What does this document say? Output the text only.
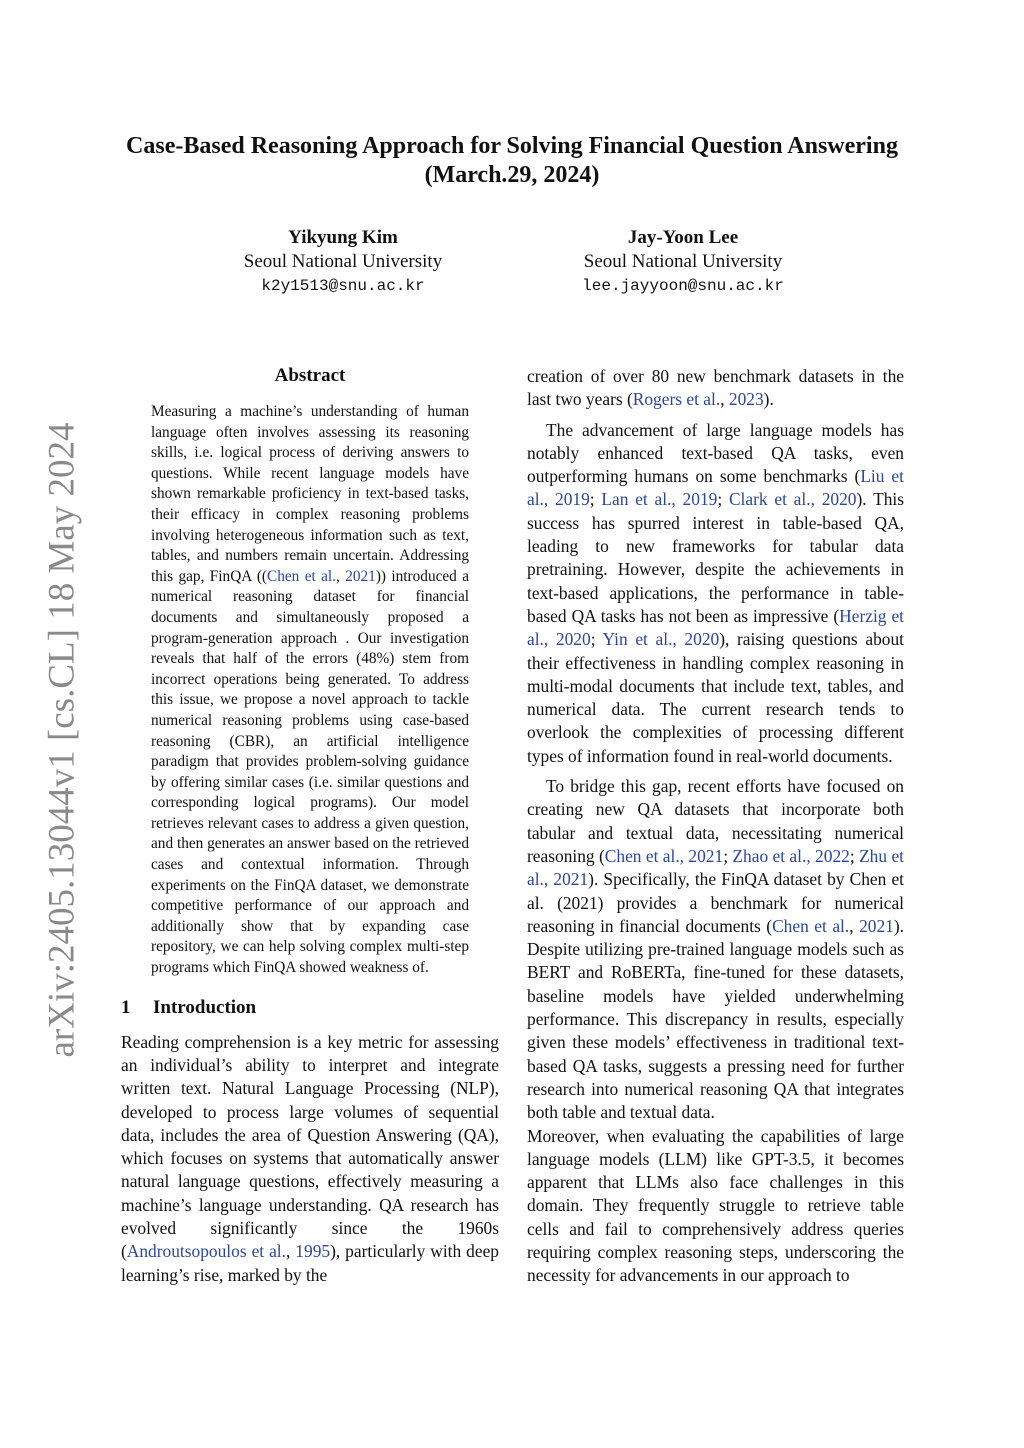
arXiv:2405.13044v1 [cs.CL] 18 May 2024
Case-Based Reasoning Approach for Solving Financial Question Answering
(March.29, 2024)
Yikyung Kim
Seoul National University
k2y1513@snu.ac.kr
Jay-Yoon Lee
Seoul National University
lee.jayyoon@snu.ac.kr
Abstract
Measuring a machine’s understanding of human language often involves assessing its reasoning skills, i.e. logical process of deriving answers to questions. While recent language models have shown remarkable proficiency in text-based tasks, their efficacy in complex reasoning problems involving heterogeneous information such as text, tables, and numbers remain uncertain. Addressing this gap, FinQA ((Chen et al., 2021)) introduced a numerical reasoning dataset for financial documents and simultaneously proposed a program-generation approach . Our investigation reveals that half of the errors (48%) stem from incorrect operations being generated. To address this issue, we propose a novel approach to tackle numerical reasoning problems using case-based reasoning (CBR), an artificial intelligence paradigm that provides problem-solving guidance by offering similar cases (i.e. similar questions and corresponding logical programs). Our model retrieves relevant cases to address a given question, and then generates an answer based on the retrieved cases and contextual information. Through experiments on the FinQA dataset, we demonstrate competitive performance of our approach and additionally show that by expanding case repository, we can help solving complex multi-step programs which FinQA showed weakness of.
1 Introduction

Reading comprehension is a key metric for assessing an individual’s ability to interpret and integrate written text. Natural Language Processing (NLP), developed to process large volumes of sequential data, includes the area of Question Answering (QA), which focuses on systems that automatically answer natural language questions, effectively measuring a machine’s language understanding. QA research has evolved significantly since the 1960s (Androutsopoulos et al., 1995), particularly with deep learning’s rise, marked by the

creation of over 80 new benchmark datasets in the last two years (Rogers et al., 2023).

The advancement of large language models has notably enhanced text-based QA tasks, even outperforming humans on some benchmarks (Liu et al., 2019; Lan et al., 2019; Clark et al., 2020). This success has spurred interest in table-based QA, leading to new frameworks for tabular data pretraining. However, despite the achievements in text-based applications, the performance in table-based QA tasks has not been as impressive (Herzig et al., 2020; Yin et al., 2020), raising questions about their effectiveness in handling complex reasoning in multi-modal documents that include text, tables, and numerical data. The current research tends to overlook the complexities of processing different types of information found in real-world documents.

To bridge this gap, recent efforts have focused on creating new QA datasets that incorporate both tabular and textual data, necessitating numerical reasoning (Chen et al., 2021; Zhao et al., 2022; Zhu et al., 2021). Specifically, the FinQA dataset by Chen et al. (2021) provides a benchmark for numerical reasoning in financial documents (Chen et al., 2021). Despite utilizing pre-trained language models such as BERT and RoBERTa, fine-tuned for these datasets, baseline models have yielded underwhelming performance. This discrepancy in results, especially given these models’ effectiveness in traditional text-based QA tasks, suggests a pressing need for further research into numerical reasoning QA that integrates both table and textual data.

Moreover, when evaluating the capabilities of large language models (LLM) like GPT-3.5, it becomes apparent that LLMs also face challenges in this domain. They frequently struggle to retrieve table cells and fail to comprehensively address queries requiring complex reasoning steps, underscoring the necessity for advancements in our approach to
